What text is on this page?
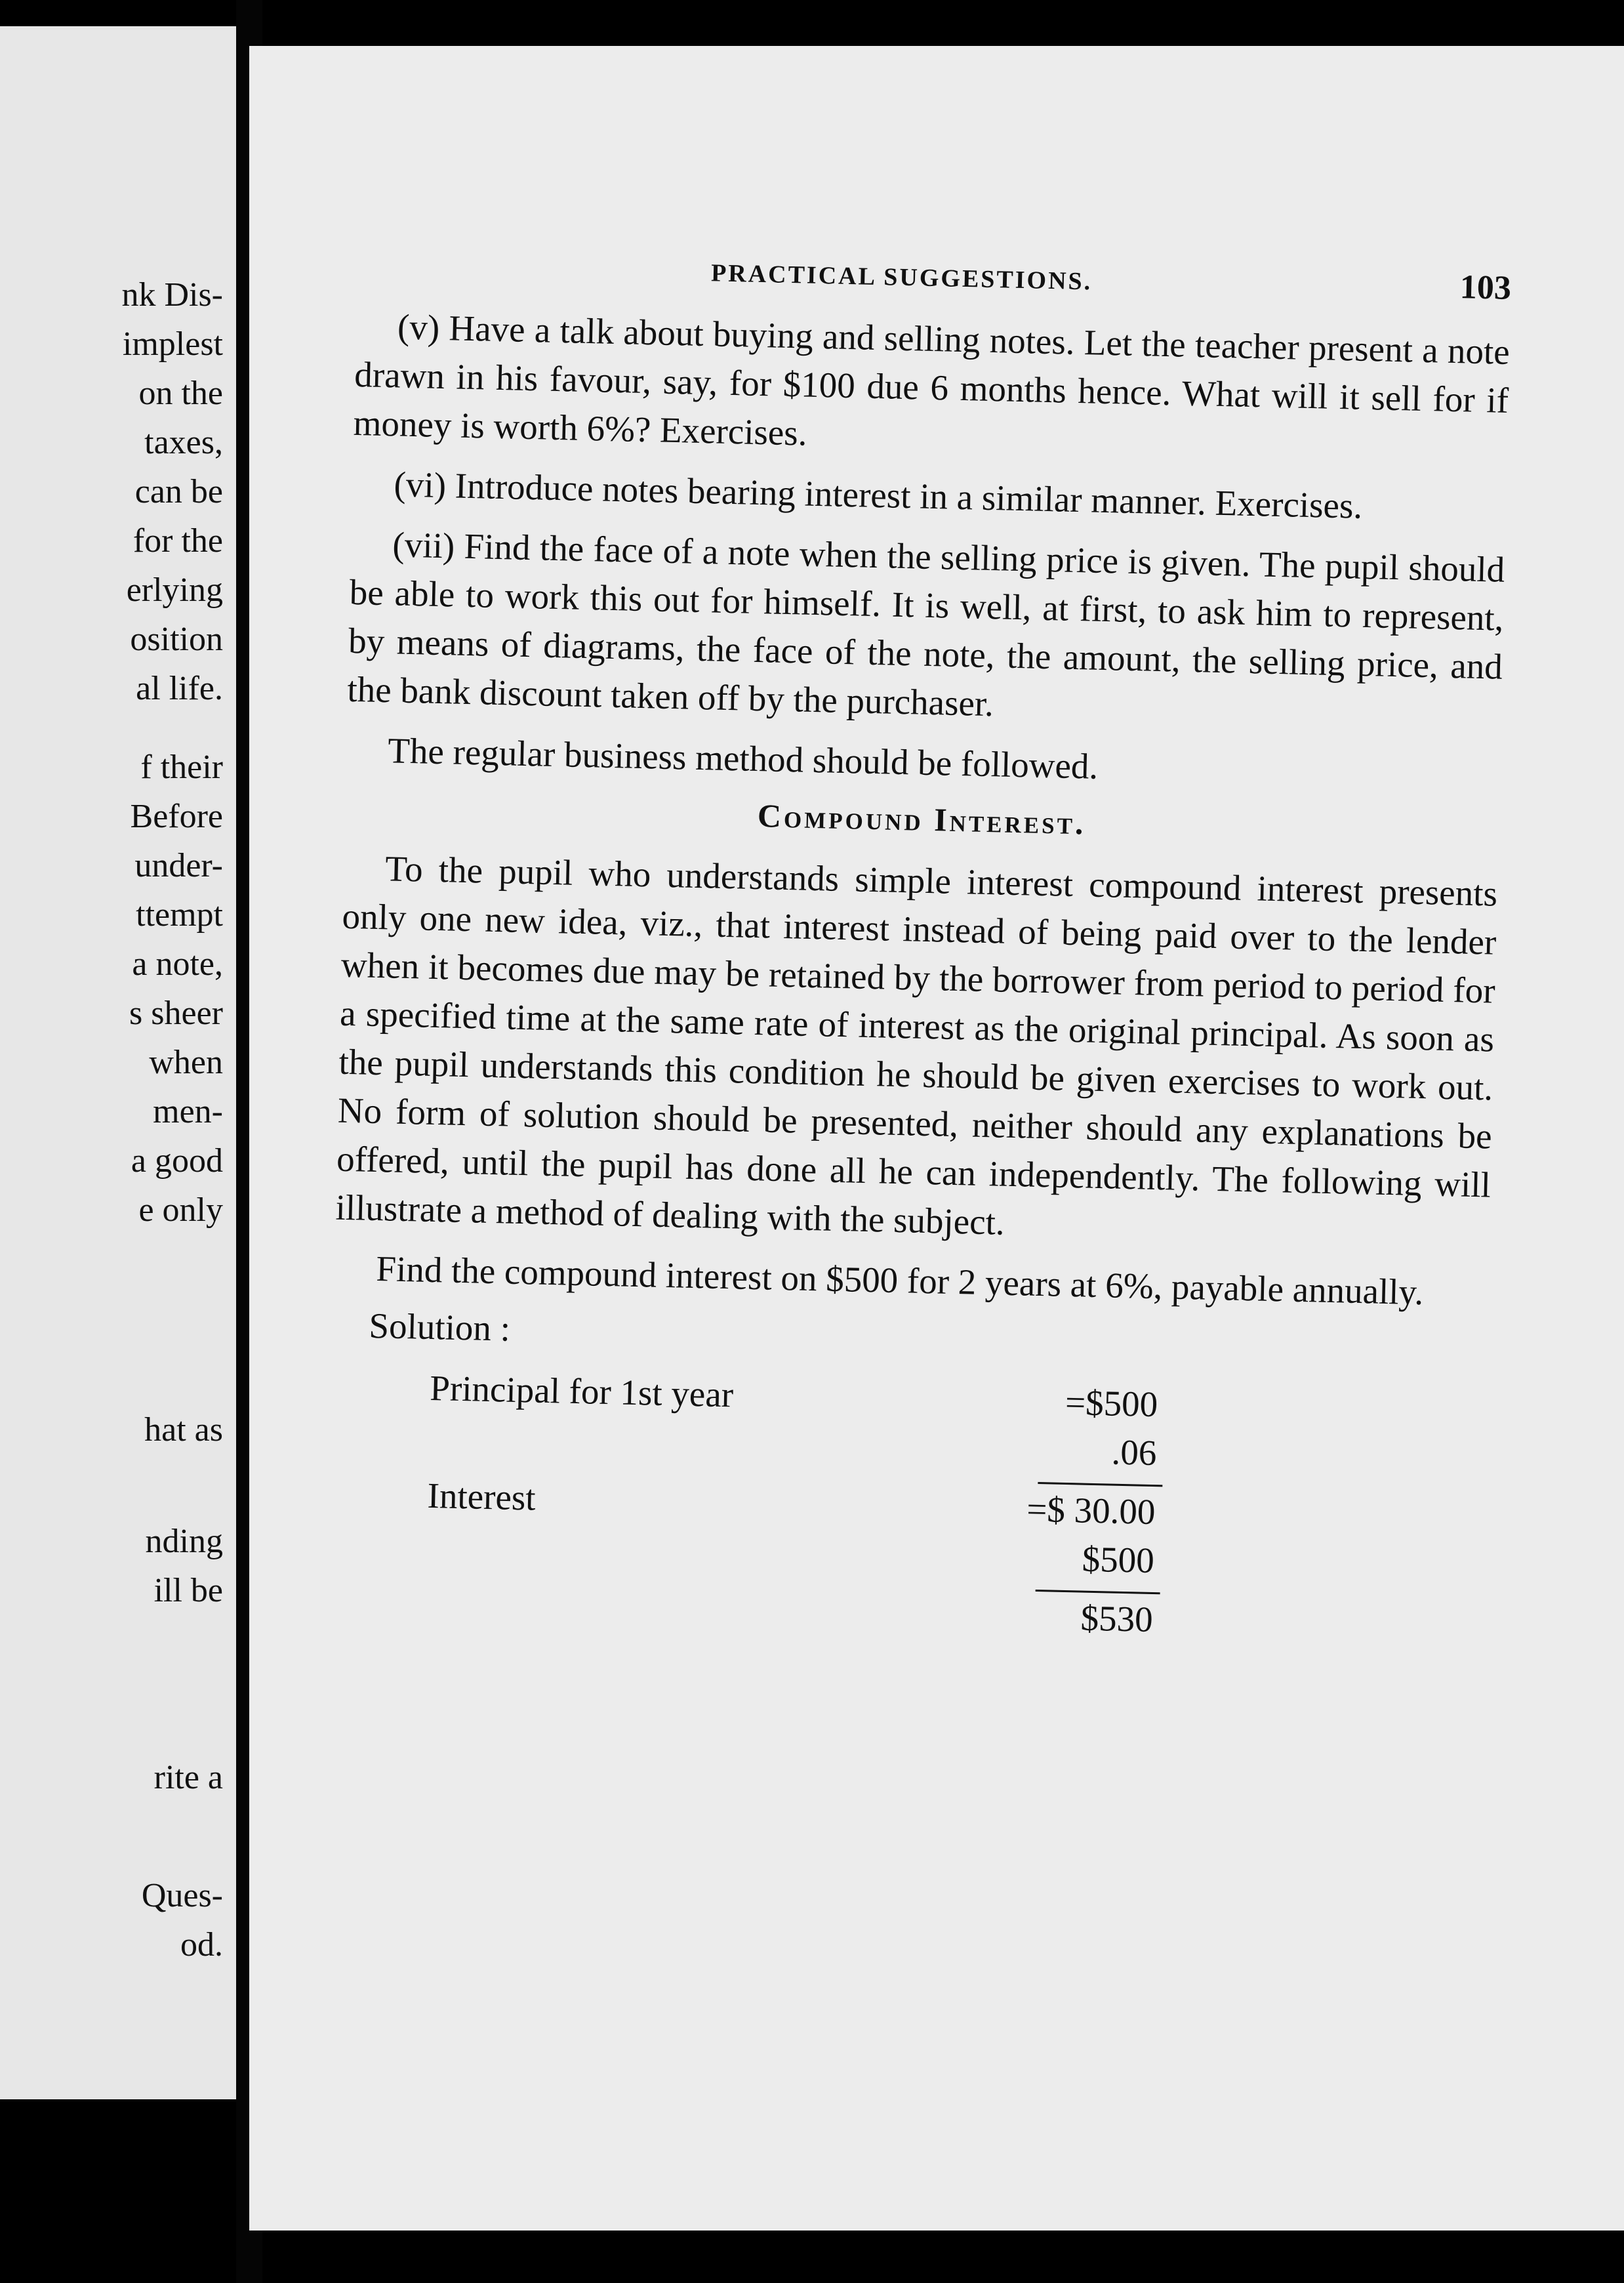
nk Dis-
implest
on the
taxes,
can be
for the
erlying
osition
al life.
f their
Before
under-
ttempt
a note,
s sheer
when
men-
a good
e only
hat as
nding
ill be
rite a
Ques-
od.
PRACTICAL SUGGESTIONS.	103

(v) Have a talk about buying and selling notes. Let the teacher present a note drawn in his favour, say, for $100 due 6 months hence. What will it sell for if money is worth 6%? Exercises.

(vi) Introduce notes bearing interest in a similar manner. Exercises.

(vii) Find the face of a note when the selling price is given. The pupil should be able to work this out for himself. It is well, at first, to ask him to represent, by means of diagrams, the face of the note, the amount, the selling price, and the bank discount taken off by the purchaser.

The regular business method should be followed.

Compound Interest.

To the pupil who understands simple interest compound interest presents only one new idea, viz., that interest instead of being paid over to the lender when it becomes due may be retained by the borrower from period to period for a specified time at the same rate of interest as the original principal. As soon as the pupil understands this condition he should be given exercises to work out. No form of solution should be presented, neither should any explanations be offered, until the pupil has done all he can independently. The following will illustrate a method of dealing with the subject.

Find the compound interest on $500 for 2 years at 6%, payable annually.

Solution :
Principal for 1st year	=$500
.06
Interest	=$ 30.00
$500
$530
